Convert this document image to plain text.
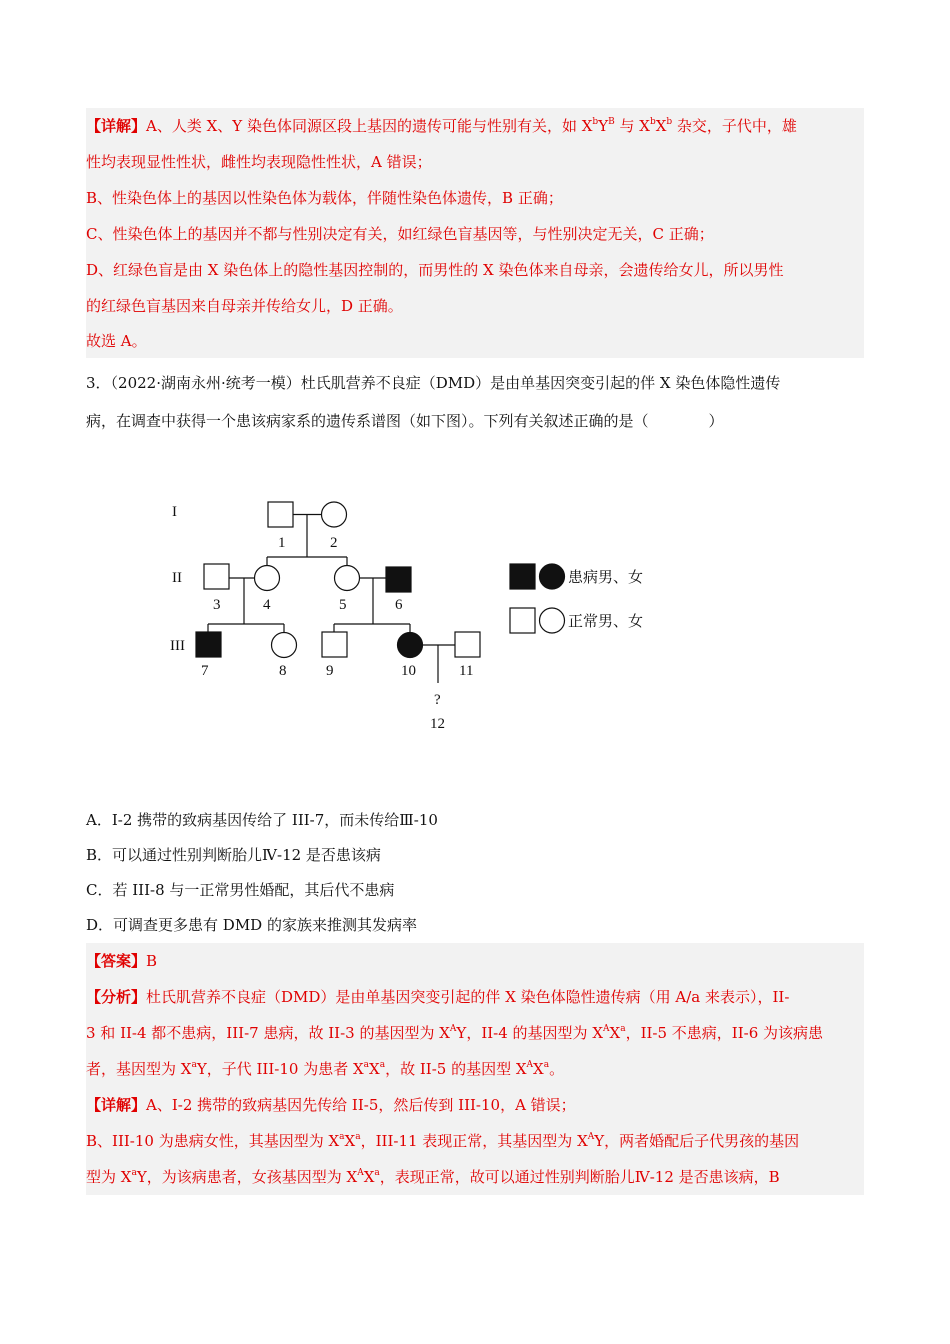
【详解】A、人类 X、Y 染色体同源区段上基因的遗传可能与性别有关，如 $X^bY^B$ 与 $X^bX^b$ 杂交，子代中，雄
性均表现显性性状，雌性均表现隐性性状，A 错误；
B、性染色体上的基因以性染色体为载体，伴随性染色体遗传，B 正确；
C、性染色体上的基因并不都与性别决定有关，如红绿色盲基因等，与性别决定无关，C 正确；
D、红绿色盲是由 X 染色体上的隐性基因控制的，而男性的 X 染色体来自母亲，会遗传给女儿，所以男性
的红绿色盲基因来自母亲并传给女儿，D 正确。
故选 A。
3．（2022·湖南永州·统考一模）杜氏肌营养不良症（DMD）是由单基因突变引起的伴 X 染色体隐性遗传
病，在调查中获得一个患该病家系的遗传系谱图（如下图）。下列有关叙述正确的是（　　　　）
I
II
III
1	2
3	4	5	6
7	8	9	10	11
?
12
患病男、女
正常男、女
A．I-2 携带的致病基因传给了 III-7，而未传给Ⅲ-10
B．可以通过性别判断胎儿Ⅳ-12 是否患该病
C．若 III-8 与一正常男性婚配，其后代不患病
D．可调查更多患有 DMD 的家族来推测其发病率
【答案】B
【分析】杜氏肌营养不良症（DMD）是由单基因突变引起的伴 X 染色体隐性遗传病（用 A/a 来表示），II-
3 和 II-4 都不患病，III-7 患病，故 II-3 的基因型为 $X^AY$，II-4 的基因型为 $X^AX^a$，II-5 不患病，II-6 为该病患
者，基因型为 $X^aY$，子代 III-10 为患者 $X^aX^a$，故 II-5 的基因型 $X^AX^a$。
【详解】A、I-2 携带的致病基因先传给 II-5，然后传到 III-10，A 错误；
B、III-10 为患病女性，其基因型为 $X^aX^a$，III-11 表现正常，其基因型为 $X^AY$，两者婚配后子代男孩的基因
型为 $X^aY$，为该病患者，女孩基因型为 $X^AX^a$，表现正常，故可以通过性别判断胎儿Ⅳ-12 是否患该病，B
